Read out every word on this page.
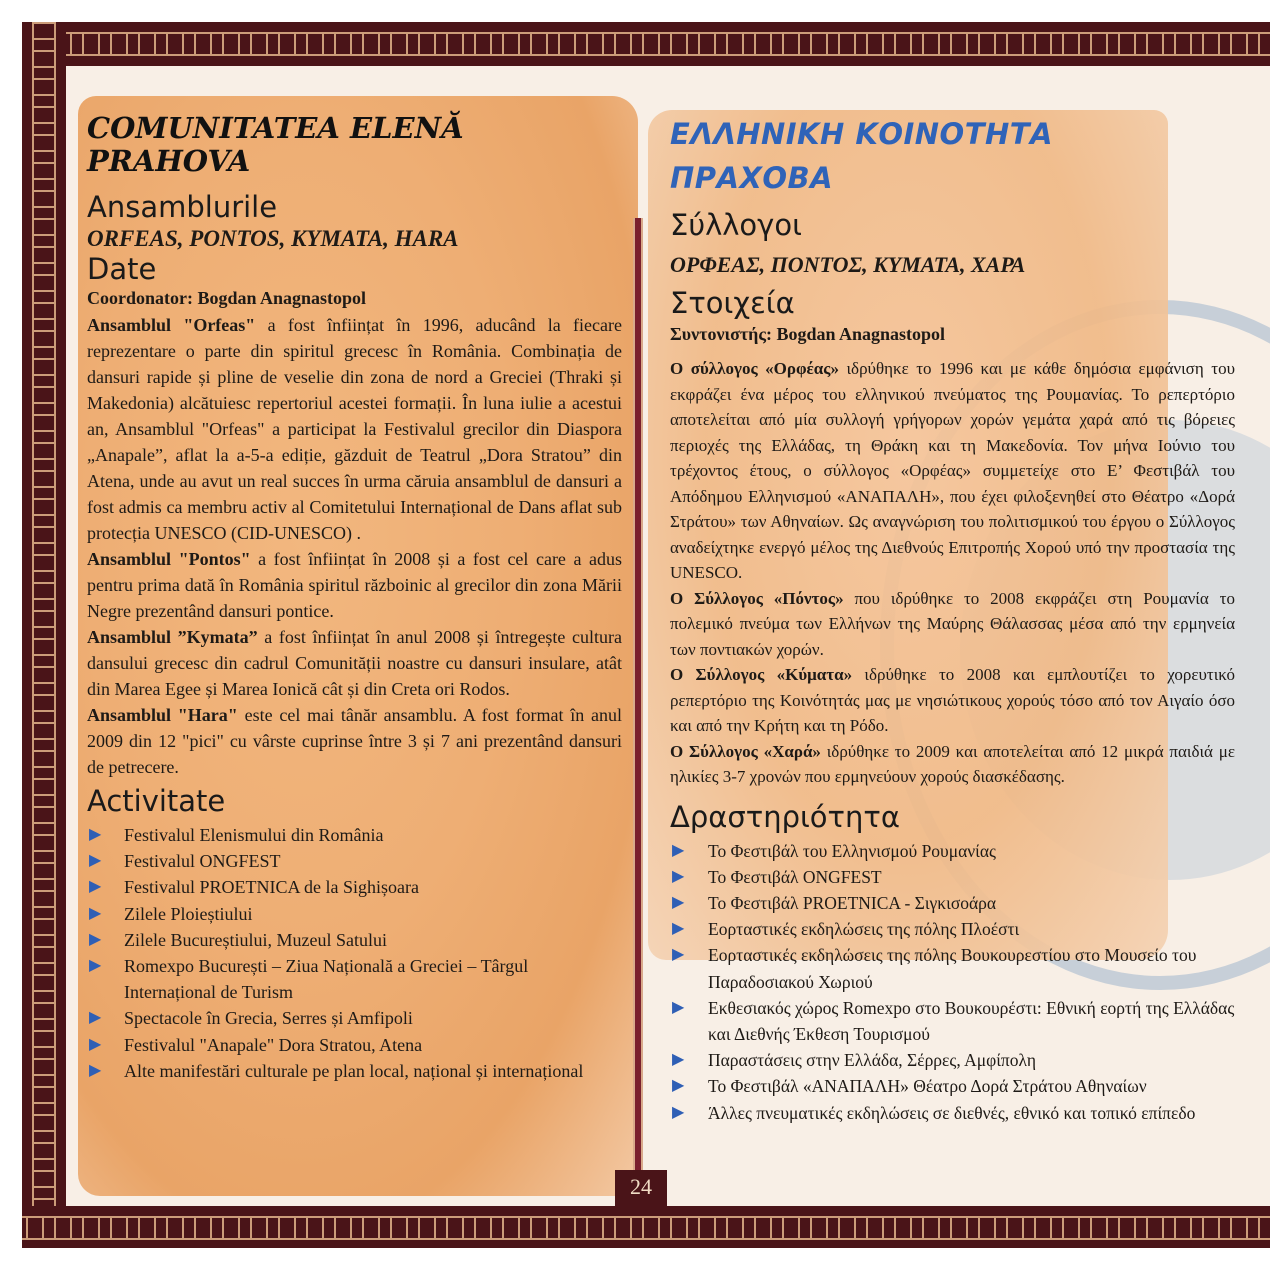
24
COMUNITATEA ELENĂ PRAHOVA
Ansamblurile

ORFEAS, PONTOS, KYMATA, HARA

Date

Coordonator: Bogdan Anagnastopol

Ansamblul "Orfeas" a fost înființat în 1996, aducând la fiecare reprezentare o parte din spiritul grecesc în România. Combinația de dansuri rapide și pline de veselie din zona de nord a Greciei (Thraki și Makedonia) alcătuiesc repertoriul acestei formații. În luna iulie a acestui an, Ansamblul "Orfeas" a participat la Festivalul grecilor din Diaspora „Anapale”, aflat la a-5-a ediție, găzduit de Teatrul „Dora Stratou” din Atena, unde au avut un real succes în urma căruia ansamblul de dansuri a fost admis ca membru activ al Comitetului Internațional de Dans aflat sub protecția UNESCO (CID-UNESCO) .

Ansamblul "Pontos" a fost înființat în 2008 și a fost cel care a adus pentru prima dată în România spiritul războinic al grecilor din zona Mării Negre prezentând dansuri pontice.

Ansamblul ”Kymata” a fost înființat în anul 2008 și întregește cultura dansului grecesc din cadrul Comunității noastre cu dansuri insulare, atât din Marea Egee și Marea Ionică cât și din Creta ori Rodos.

Ansamblul "Hara" este cel mai tânăr ansamblu. A fost format în anul 2009 din 12 "pici" cu vârste cuprinse între 3 și 7 ani prezentând dansuri de petrecere.

Activitate
▶ Festivalul Elenismului din România
▶ Festivalul ONGFEST
▶ Festivalul PROETNICA de la Sighișoara
▶ Zilele Ploieștiului
▶ Zilele Bucureștiului, Muzeul Satului
▶ Romexpo București – Ziua Națională a Greciei – Târgul Internațional de Turism
▶ Spectacole în Grecia, Serres și Amfipoli
▶ Festivalul "Anapale" Dora Stratou, Atena
▶ Alte manifestări culturale pe plan local, național și internațional
ΕΛΛΗΝΙΚΗ ΚΟΙΝΟΤΗΤΑ
ΠΡΑΧΟΒΑ
Σύλλογοι

ΟΡΦΕΑΣ, ΠΟΝΤΟΣ, ΚΥΜΑΤΑ, ΧΑΡΑ

Στοιχεία

Συντονιστής: Bogdan Anagnastopol

Ο σύλλογος «Ορφέας» ιδρύθηκε το 1996 και με κάθε δημόσια εμφάνιση του εκφράζει ένα μέρος του ελληνικού πνεύματος της Ρουμανίας. Το ρεπερτόριο αποτελείται από μία συλλογή γρήγορων χορών γεμάτα χαρά από τις βόρειες περιοχές της Ελλάδας, τη Θράκη και τη Μακεδονία. Τον μήνα Ιούνιο του τρέχοντος έτους, ο σύλλογος «Ορφέας» συμμετείχε στο Ε’ Φεστιβάλ του Απόδημου Ελληνισμού «ΑΝΑΠΑΛΗ», που έχει φιλοξενηθεί στο Θέατρο «Δορά Στράτου» των Αθηναίων. Ως αναγνώριση του πολιτισμικού του έργου ο Σύλλογος αναδείχτηκε ενεργό μέλος της Διεθνούς Επιτροπής Χορού υπό την προστασία της UNESCO.

Ο Σύλλογος «Πόντος» που ιδρύθηκε το 2008 εκφράζει στη Ρουμανία το πολεμικό πνεύμα των Ελλήνων της Μαύρης Θάλασσας μέσα από την ερμηνεία των ποντιακών χορών.

Ο Σύλλογος «Κύματα» ιδρύθηκε το 2008 και εμπλουτίζει το χορευτικό ρεπερτόριο της Κοινότητάς μας με νησιώτικους χορούς τόσο από τον Αιγαίο όσο και από την Κρήτη και τη Ρόδο.

Ο Σύλλογος «Χαρά» ιδρύθηκε το 2009 και αποτελείται από 12 μικρά παιδιά με ηλικίες 3-7 χρονών που ερμηνεύουν χορούς διασκέδασης.

Δραστηριότητα
▶ Το Φεστιβάλ του Ελληνισμού Ρουμανίας
▶ Το Φεστιβάλ ONGFEST
▶ Το Φεστιβάλ PROETNICA - Σιγκισοάρα
▶ Εορταστικές εκδηλώσεις της πόλης Πλοέστι
▶ Εορταστικές εκδηλώσεις της πόλης Βουκουρεστίου στο Μουσείο του Παραδοσιακού Χωριού
▶ Εκθεσιακός χώρος Romexpo στο Βουκουρέστι: Εθνική εορτή της Ελλάδας και Διεθνής Έκθεση Τουρισμού
▶ Παραστάσεις στην Ελλάδα, Σέρρες, Αμφίπολη
▶ Το Φεστιβάλ «ΑΝΑΠΑΛΗ» Θέατρο Δορά Στράτου Αθηναίων
▶ Άλλες πνευματικές εκδηλώσεις σε διεθνές, εθνικό και τοπικό επίπεδο
